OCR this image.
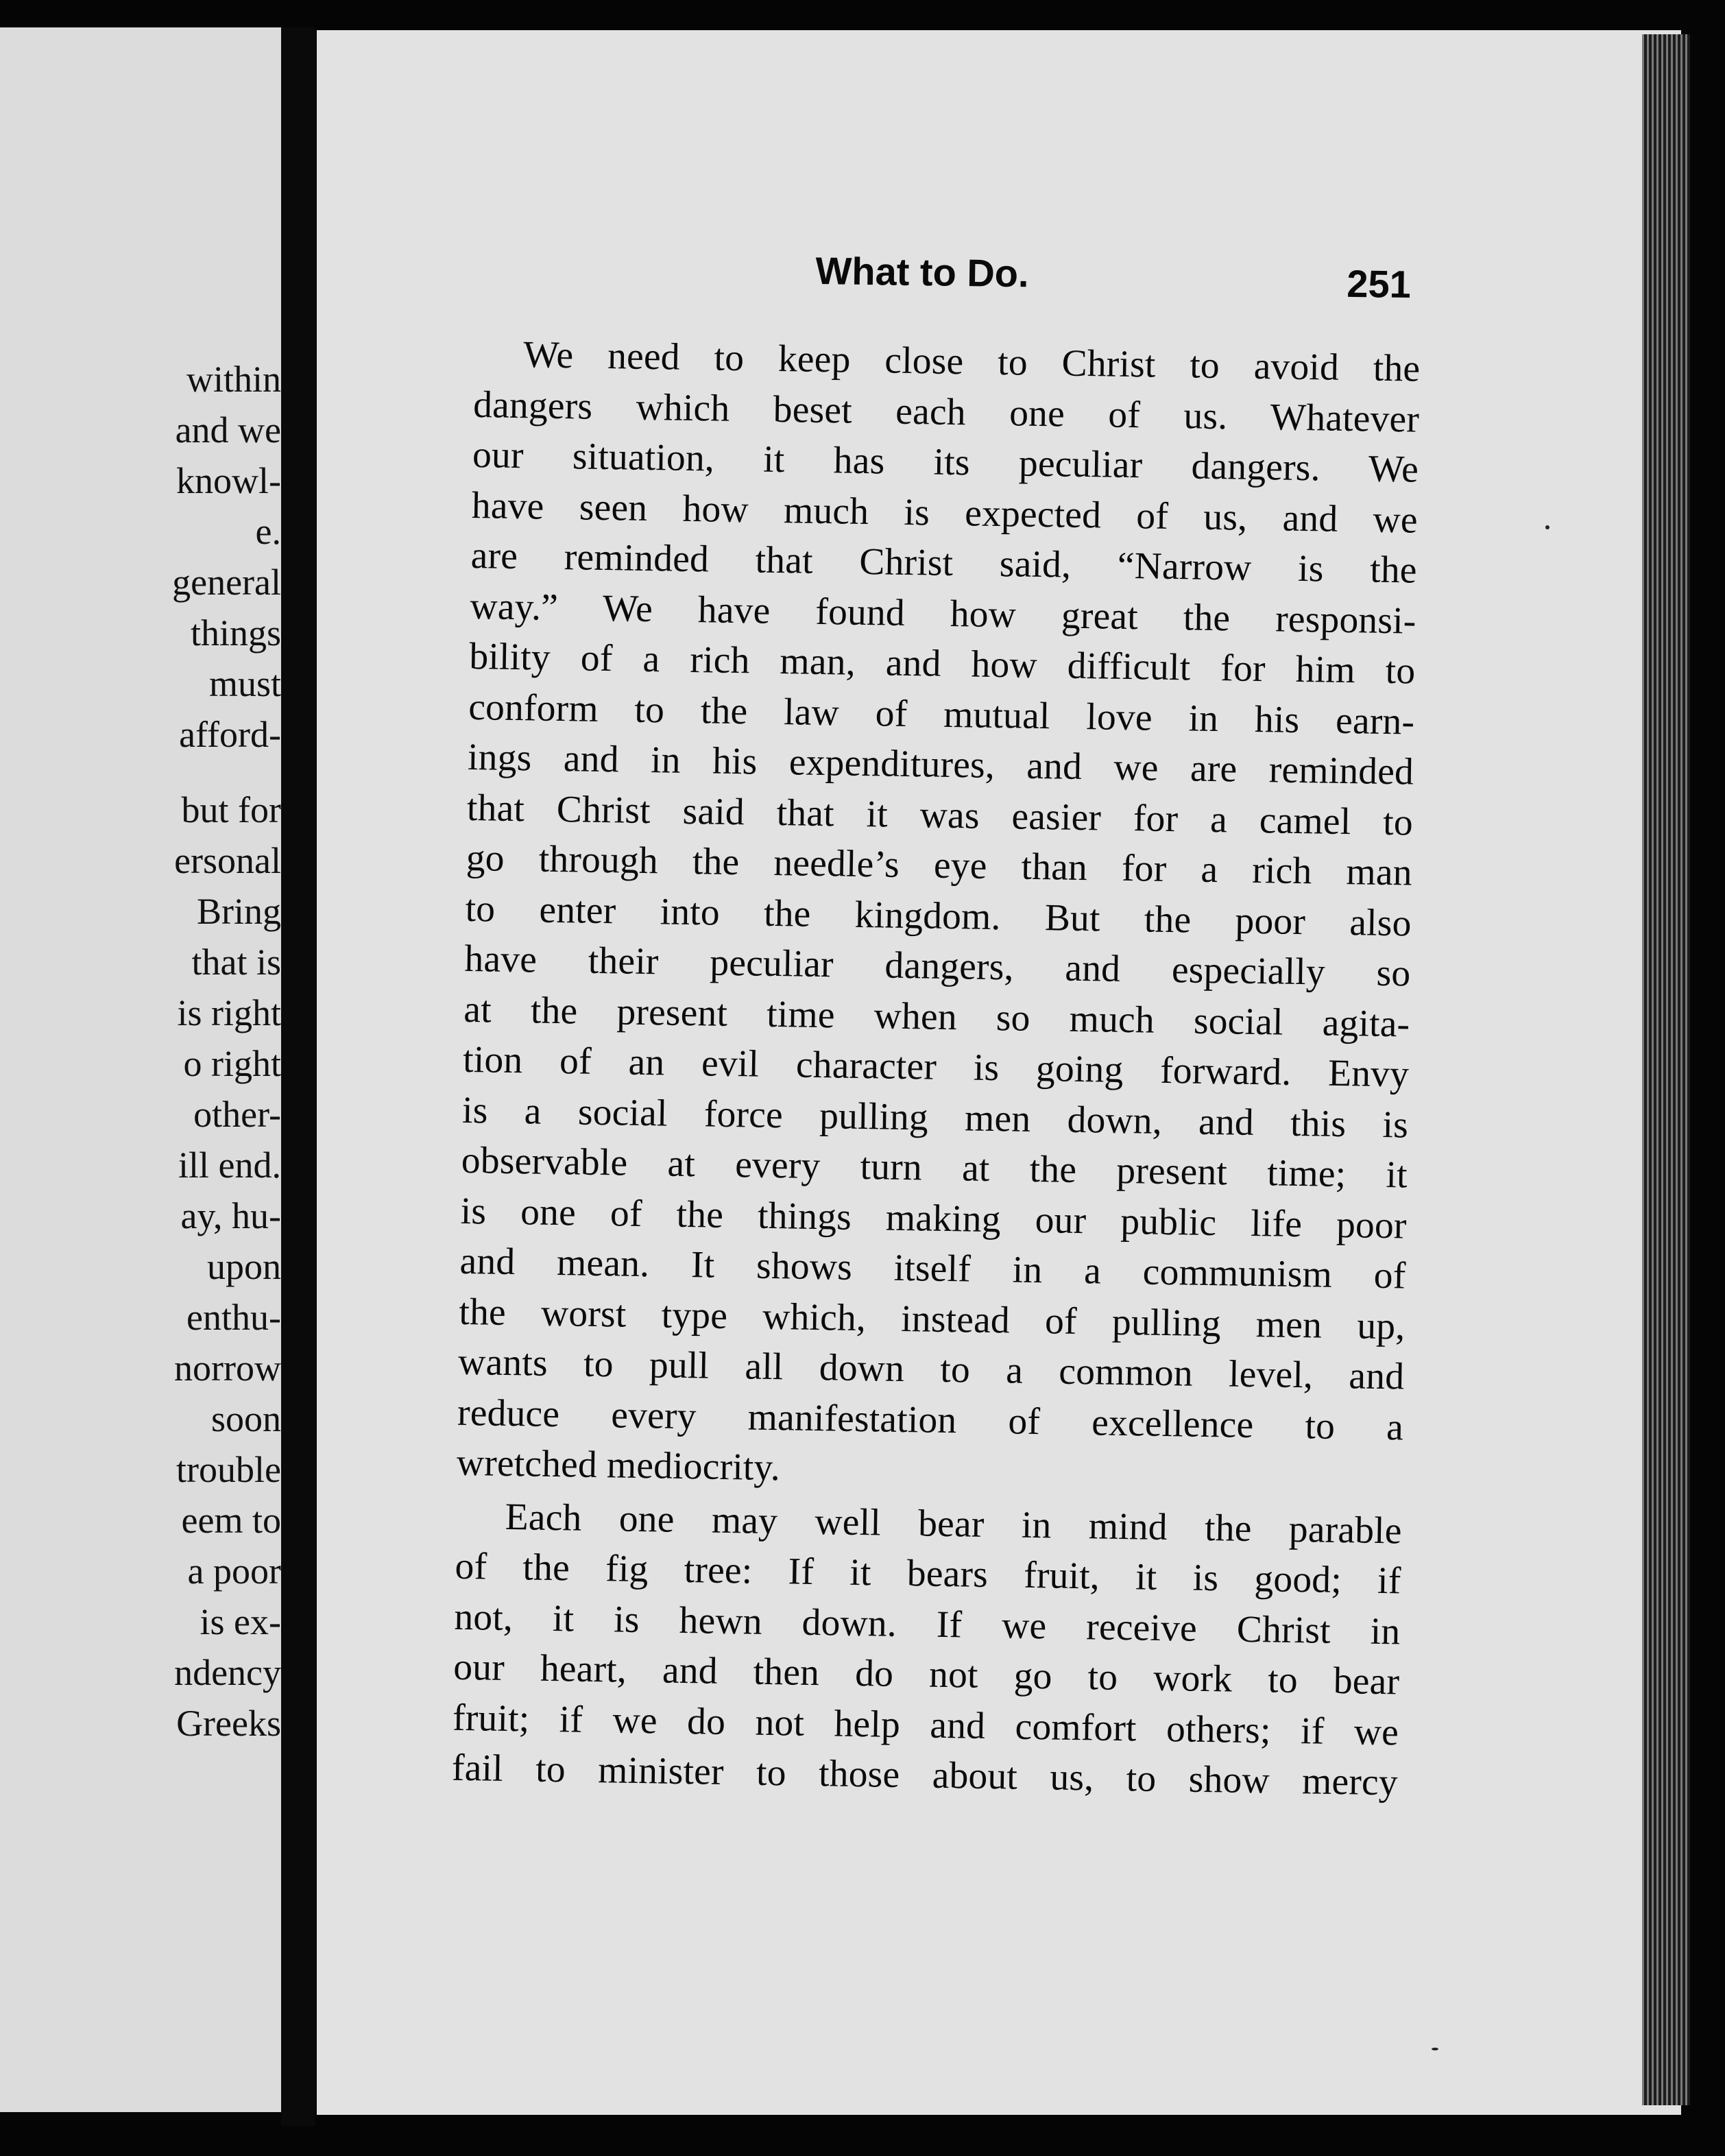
within
and we
knowl-
e.
general
things
must
afford-
but for
ersonal
Bring
that is
is right
o right
other-
ill end.
ay, hu-
upon
enthu-
norrow
soon
trouble
eem to
a poor
is ex-
ndency
Greeks
What to Do.	251
We need to keep close to Christ to avoid the
dangers which beset each one of us. Whatever
our situation, it has its peculiar dangers. We
have seen how much is expected of us, and we
are reminded that Christ said, “Narrow is the
way.” We have found how great the responsi-
bility of a rich man, and how difficult for him to
conform to the law of mutual love in his earn-
ings and in his expenditures, and we are reminded
that Christ said that it was easier for a camel to
go through the needle’s eye than for a rich man
to enter into the kingdom. But the poor also
have their peculiar dangers, and especially so
at the present time when so much social agita-
tion of an evil character is going forward. Envy
is a social force pulling men down, and this is
observable at every turn at the present time; it
is one of the things making our public life poor
and mean. It shows itself in a communism of
the worst type which, instead of pulling men up,
wants to pull all down to a common level, and
reduce every manifestation of excellence to a
wretched mediocrity.
Each one may well bear in mind the parable
of the fig tree: If it bears fruit, it is good; if
not, it is hewn down. If we receive Christ in
our heart, and then do not go to work to bear
fruit; if we do not help and comfort others; if we
fail to minister to those about us, to show mercy
